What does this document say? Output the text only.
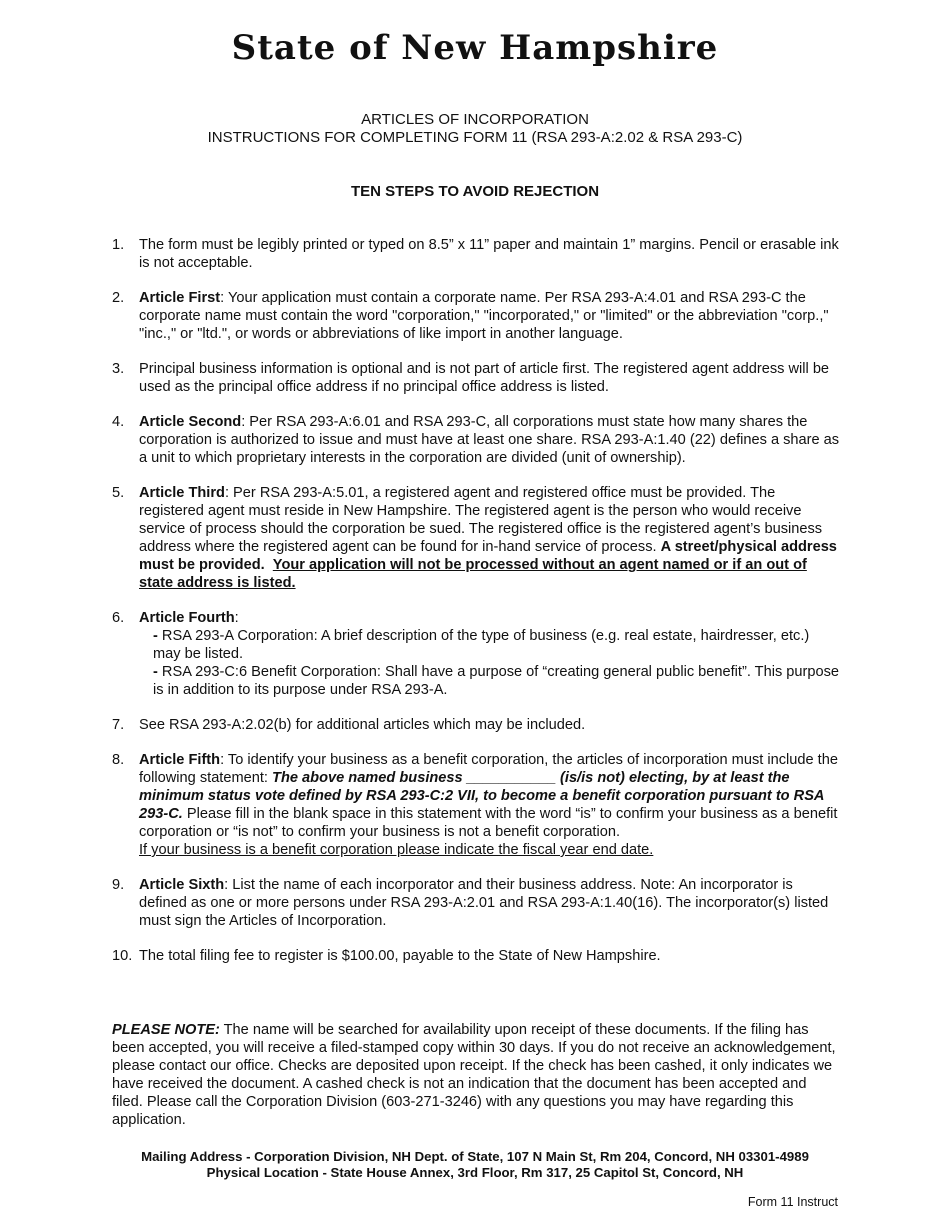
State of New Hampshire
ARTICLES OF INCORPORATION
INSTRUCTIONS FOR COMPLETING FORM 11 (RSA 293-A:2.02 & RSA 293-C)
TEN STEPS TO AVOID REJECTION
1. The form must be legibly printed or typed on 8.5” x 11” paper and maintain 1” margins. Pencil or erasable ink is not acceptable.
2. Article First: Your application must contain a corporate name. Per RSA 293-A:4.01 and RSA 293-C the corporate name must contain the word "corporation," "incorporated," or "limited" or the abbreviation "corp.," "inc.," or "ltd.", or words or abbreviations of like import in another language.
3. Principal business information is optional and is not part of article first. The registered agent address will be used as the principal office address if no principal office address is listed.
4. Article Second: Per RSA 293-A:6.01 and RSA 293-C, all corporations must state how many shares the corporation is authorized to issue and must have at least one share. RSA 293-A:1.40 (22) defines a share as a unit to which proprietary interests in the corporation are divided (unit of ownership).
5. Article Third: Per RSA 293-A:5.01, a registered agent and registered office must be provided. The registered agent must reside in New Hampshire. The registered agent is the person who would receive service of process should the corporation be sued. The registered office is the registered agent’s business address where the registered agent can be found for in-hand service of process. A street/physical address must be provided. Your application will not be processed without an agent named or if an out of state address is listed.
6. Article Fourth:
- RSA 293-A Corporation: A brief description of the type of business (e.g. real estate, hairdresser, etc.) may be listed.
- RSA 293-C:6 Benefit Corporation: Shall have a purpose of “creating general public benefit”. This purpose is in addition to its purpose under RSA 293-A.
7. See RSA 293-A:2.02(b) for additional articles which may be included.
8. Article Fifth: To identify your business as a benefit corporation, the articles of incorporation must include the following statement: The above named business ___________ (is/is not) electing, by at least the minimum status vote defined by RSA 293-C:2 VII, to become a benefit corporation pursuant to RSA 293-C. Please fill in the blank space in this statement with the word “is” to confirm your business as a benefit corporation or “is not” to confirm your business is not a benefit corporation.
If your business is a benefit corporation please indicate the fiscal year end date.
9. Article Sixth: List the name of each incorporator and their business address. Note: An incorporator is defined as one or more persons under RSA 293-A:2.01 and RSA 293-A:1.40(16). The incorporator(s) listed must sign the Articles of Incorporation.
10. The total filing fee to register is $100.00, payable to the State of New Hampshire.
PLEASE NOTE: The name will be searched for availability upon receipt of these documents. If the filing has been accepted, you will receive a filed-stamped copy within 30 days. If you do not receive an acknowledgement, please contact our office. Checks are deposited upon receipt. If the check has been cashed, it only indicates we have received the document. A cashed check is not an indication that the document has been accepted and filed. Please call the Corporation Division (603-271-3246) with any questions you may have regarding this application.
Mailing Address - Corporation Division, NH Dept. of State, 107 N Main St, Rm 204, Concord, NH 03301-4989
Physical Location - State House Annex, 3rd Floor, Rm 317, 25 Capitol St, Concord, NH
Form 11 Instruct
